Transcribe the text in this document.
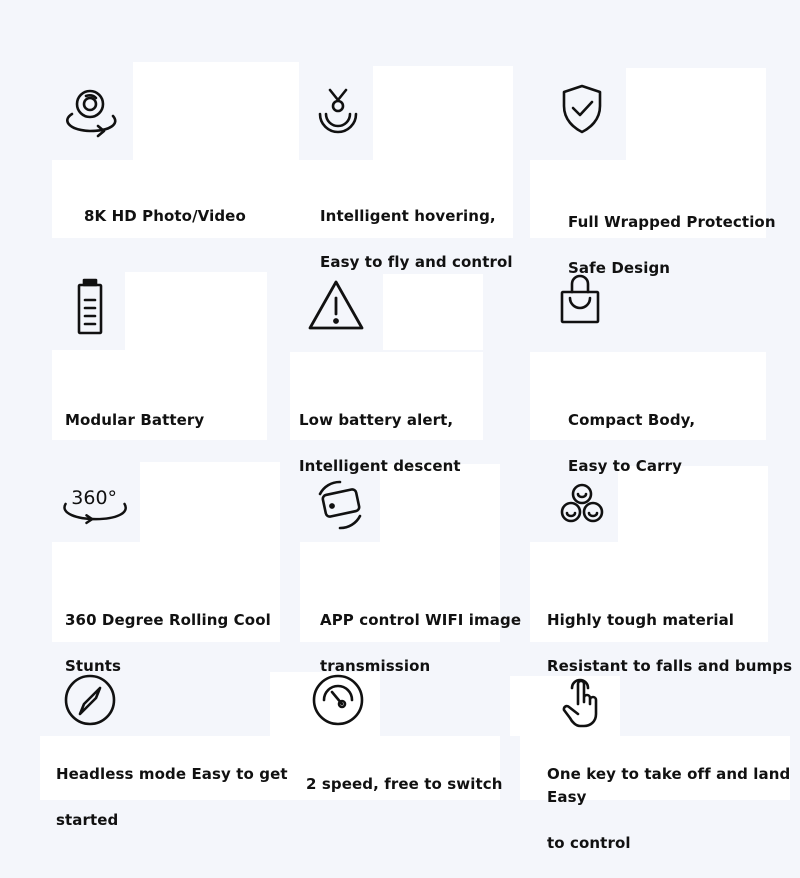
8K HD Photo/Video	Intelligent hovering,

Easy to fly and control

Full Wrapped Protection

Safe Design

Modular Battery	Low battery alert,

Intelligent descent

Compact Body,

Easy to Carry

360°

360 Degree Rolling Cool

Stunts

APP control WIFI image

transmission

Highly tough material

Resistant to falls and bumps

Headless mode Easy to get

started

2 speed, free to switch

One key to take off and land Easy

to control
